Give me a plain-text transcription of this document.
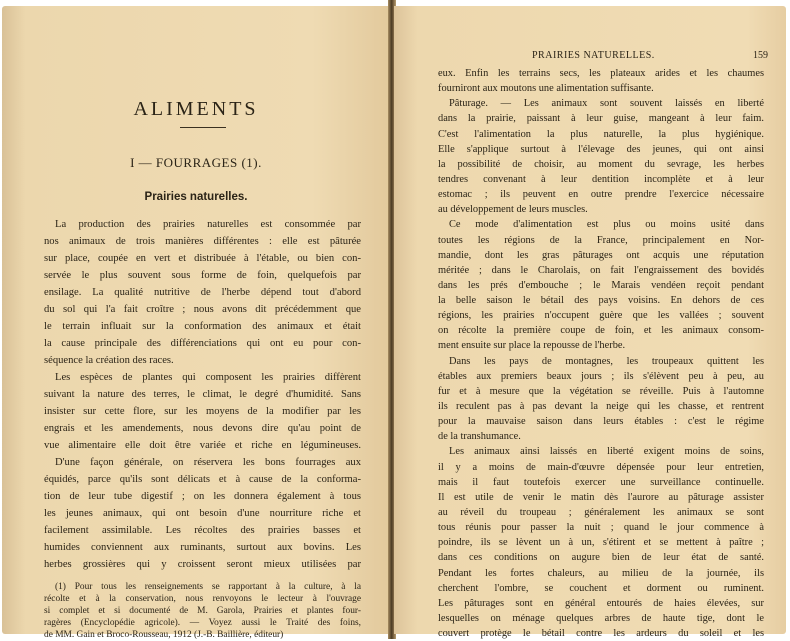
ALIMENTS
I — FOURRAGES (1).
Prairies naturelles.
La production des prairies naturelles est consommée par
nos animaux de trois manières différentes : elle est pâturée
sur place, coupée en vert et distribuée à l'étable, ou bien con-
servée le plus souvent sous forme de foin, quelquefois par
ensilage. La qualité nutritive de l'herbe dépend tout d'abord
du sol qui l'a fait croître ; nous avons dit précédemment que
le terrain influait sur la conformation des animaux et était
la cause principale des différenciations qui ont eu pour con-
séquence la création des races.
Les espèces de plantes qui composent les prairies diffèrent
suivant la nature des terres, le climat, le degré d'humidité. Sans
insister sur cette flore, sur les moyens de la modifier par les
engrais et les amendements, nous devons dire qu'au point de
vue alimentaire elle doit être variée et riche en légumineuses.
D'une façon générale, on réservera les bons fourrages aux
équidés, parce qu'ils sont délicats et à cause de la conforma-
tion de leur tube digestif ; on les donnera également à tous
les jeunes animaux, qui ont besoin d'une nourriture riche et
facilement assimilable. Les récoltes des prairies basses et
humides conviennent aux ruminants, surtout aux bovins. Les
herbes grossières qui y croissent seront mieux utilisées par
(1) Pour tous les renseignements se rapportant à la culture, à la
récolte et à la conservation, nous renvoyons le lecteur à l'ouvrage
si complet et si documenté de M. Garola, Prairies et plantes four-
ragères (Encyclopédie agricole). — Voyez aussi le Traité des foins,
de MM. Gain et Broco-Rousseau, 1912 (J.-B. Baillière, éditeur)
PRAIRIES NATURELLES.	159
eux. Enfin les terrains secs, les plateaux arides et les chaumes
fourniront aux moutons une alimentation suffisante.
Pâturage. — Les animaux sont souvent laissés en liberté
dans la prairie, paissant à leur guise, mangeant à leur faim.
C'est l'alimentation la plus naturelle, la plus hygiénique.
Elle s'applique surtout à l'élevage des jeunes, qui ont ainsi
la possibilité de choisir, au moment du sevrage, les herbes
tendres convenant à leur dentition incomplète et à leur
estomac ; ils peuvent en outre prendre l'exercice nécessaire
au développement de leurs muscles.
Ce mode d'alimentation est plus ou moins usité dans
toutes les régions de la France, principalement en Nor-
mandie, dont les gras pâturages ont acquis une réputation
méritée ; dans le Charolais, on fait l'engraissement des bovidés
dans les prés d'embouche ; le Marais vendéen reçoit pendant
la belle saison le bétail des pays voisins. En dehors de ces
régions, les prairies n'occupent guère que les vallées ; souvent
on récolte la première coupe de foin, et les animaux consom-
ment ensuite sur place la repousse de l'herbe.
Dans les pays de montagnes, les troupeaux quittent les
étables aux premiers beaux jours ; ils s'élèvent peu à peu, au
fur et à mesure que la végétation se réveille. Puis à l'automne
ils reculent pas à pas devant la neige qui les chasse, et rentrent
pour la mauvaise saison dans leurs étables : c'est le régime
de la transhumance.
Les animaux ainsi laissés en liberté exigent moins de soins,
il y a moins de main-d'œuvre dépensée pour leur entretien,
mais il faut toutefois exercer une surveillance continuelle.
Il est utile de venir le matin dès l'aurore au pâturage assister
au réveil du troupeau ; généralement les animaux se sont
tous réunis pour passer la nuit ; quand le jour commence à
poindre, ils se lèvent un à un, s'étirent et se mettent à paître ;
dans ces conditions on augure bien de leur état de santé.
Pendant les fortes chaleurs, au milieu de la journée, ils
cherchent l'ombre, se couchent et dorment ou ruminent.
Les pâturages sont en général entourés de haies élevées, sur
lesquelles on ménage quelques arbres de haute tige, dont le
couvert protège le bétail contre les ardeurs du soleil et les
